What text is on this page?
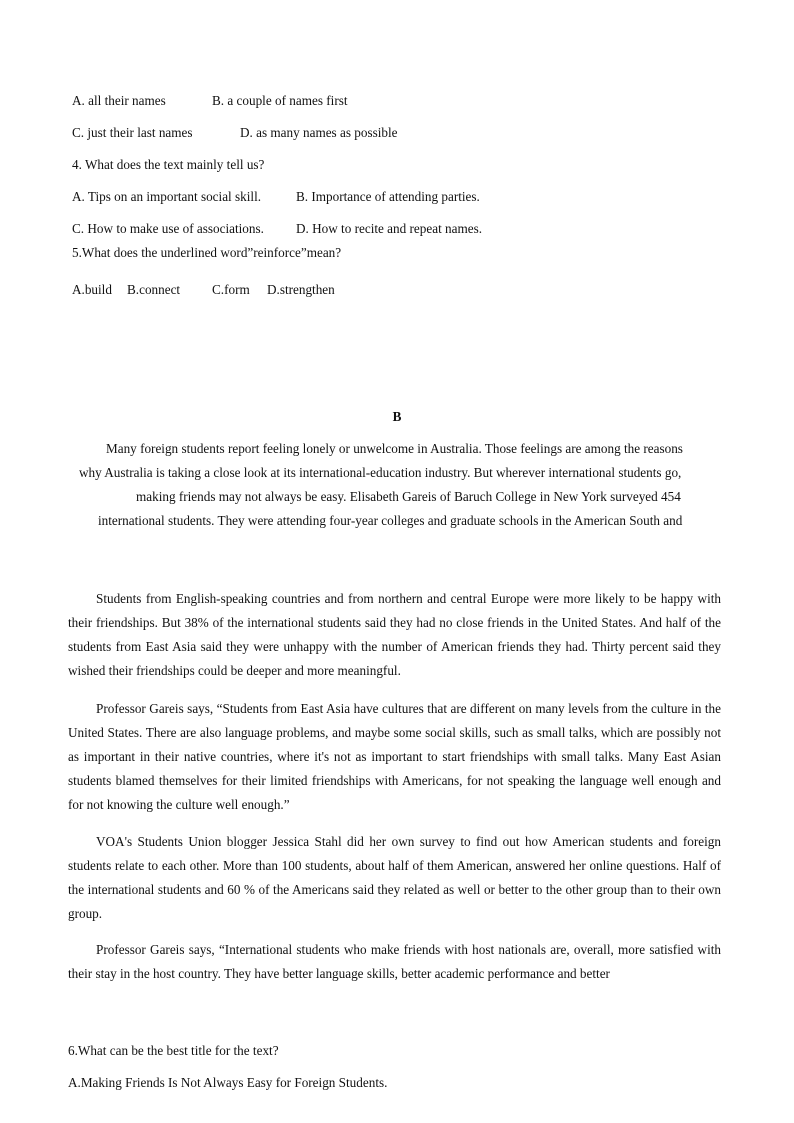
A. all their names	B. a couple of names first
C. just their last names	D. as many names as possible
4. What does the text mainly tell us?
A. Tips on an important social skill.	B. Importance of attending parties.
C. How to make use of associations. D. How to recite and repeat names.
5.What does the underlined word”reinforce”mean?
A.build B.connect C.form D.strengthen
B
Many foreign students report feeling lonely or unwelcome in Australia. Those feelings are among the reasons
why Australia is taking a close look at its international-education industry. But wherever international students go,
making friends may not always be easy. Elisabeth Gareis of Baruch College in New York surveyed 454
international students. They were attending four-year colleges and graduate schools in the American South and

Students from English-speaking countries and from northern and central Europe were more likely to be happy with their friendships. But 38% of the international students said they had no close friends in the United States. And half of the students from East Asia said they were unhappy with the number of American friends they had. Thirty percent said they wished their friendships could be deeper and more meaningful.

Professor Gareis says, “Students from East Asia have cultures that are different on many levels from the culture in the United States. There are also language problems, and maybe some social skills, such as small talks, which are possibly not as important in their native countries, where it's not as important to start friendships with small talks. Many East Asian students blamed themselves for their limited friendships with Americans, for not speaking the language well enough and for not knowing the culture well enough.”

VOA's Students Union blogger Jessica Stahl did her own survey to find out how American students and foreign students relate to each other. More than 100 students, about half of them American, answered her online questions. Half of the international students and 60 % of the Americans said they related as well or better to the other group than to their own group.

Professor Gareis says, “International students who make friends with host nationals are, overall, more satisfied with their stay in the host country. They have better language skills, better academic performance and better

6.What can be the best title for the text?
A.Making Friends Is Not Always Easy for Foreign Students.
